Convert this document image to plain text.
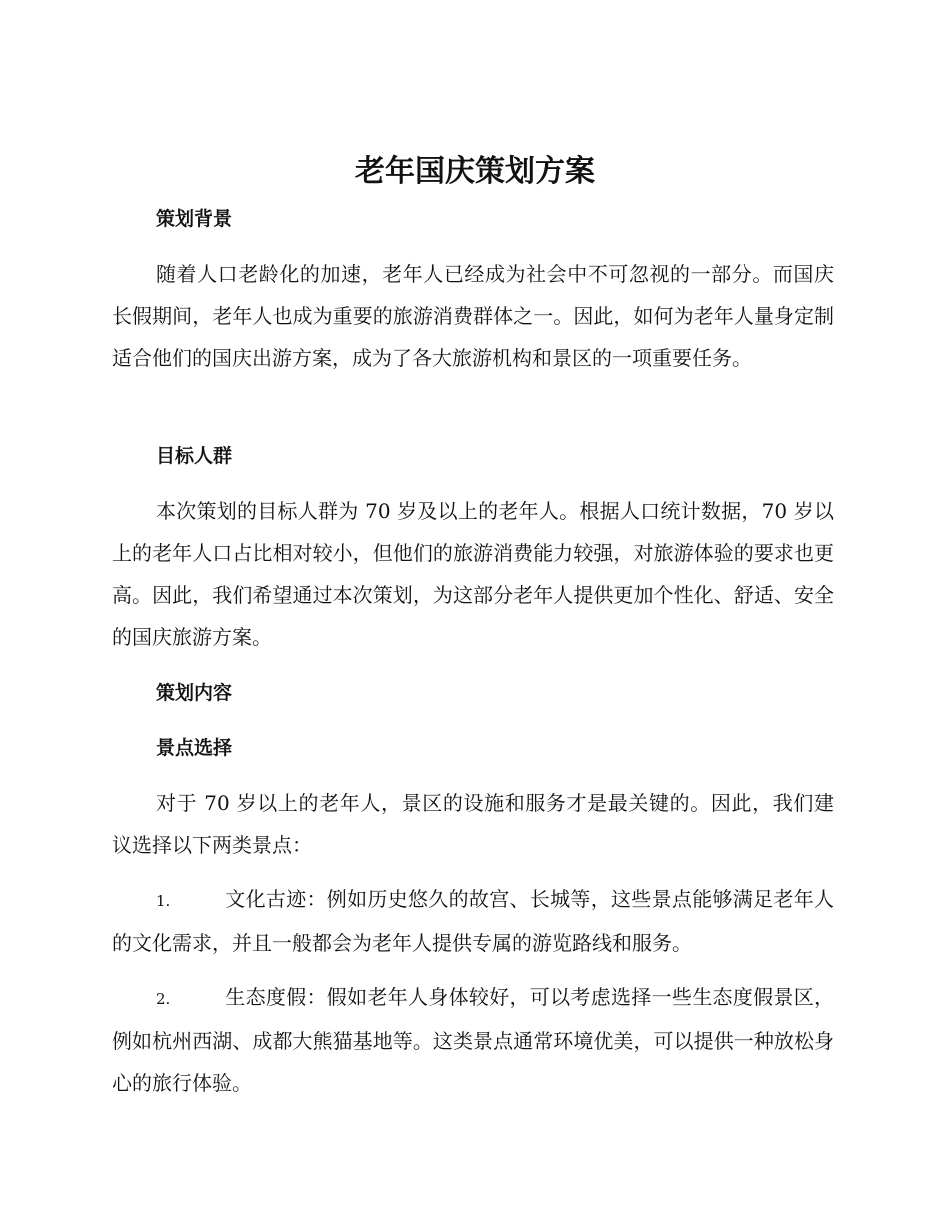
老年国庆策划方案
策划背景

随着人口老龄化的加速，老年人已经成为社会中不可忽视的一部分。而国庆长假期间，老年人也成为重要的旅游消费群体之一。因此，如何为老年人量身定制适合他们的国庆出游方案，成为了各大旅游机构和景区的一项重要任务。

目标人群

本次策划的目标人群为 70 岁及以上的老年人。根据人口统计数据，70 岁以上的老年人口占比相对较小，但他们的旅游消费能力较强，对旅游体验的要求也更高。因此，我们希望通过本次策划，为这部分老年人提供更加个性化、舒适、安全的国庆旅游方案。

策划内容
景点选择

对于 70 岁以上的老年人，景区的设施和服务才是最关键的。因此，我们建议选择以下两类景点：

1.	文化古迹：例如历史悠久的故宫、长城等，这些景点能够满足老年人的文化需求，并且一般都会为老年人提供专属的游览路线和服务。

2.	生态度假：假如老年人身体较好，可以考虑选择一些生态度假景区，例如杭州西湖、成都大熊猫基地等。这类景点通常环境优美，可以提供一种放松身心的旅行体验。
